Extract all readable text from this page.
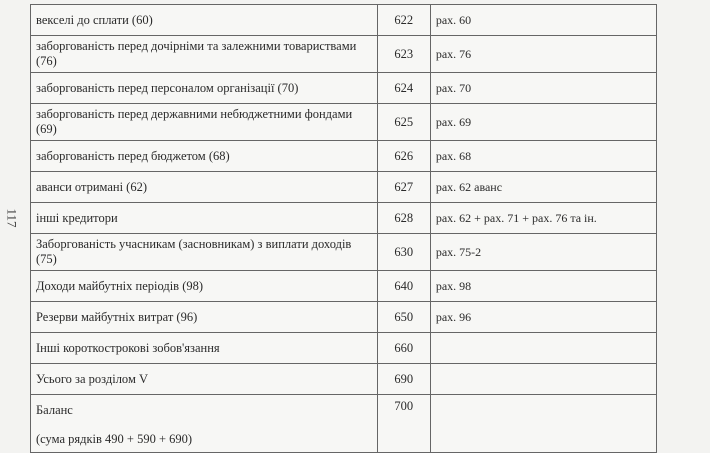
117
векселі до сплати (60)	622	рах. 60
заборгованість перед дочірніми та залежними товариствами (76)	623	рах. 76
заборгованість перед персоналом організації (70)	624	рах. 70
заборгованість перед державними небюджетними фондами (69)	625	рах. 69
заборгованість перед бюджетом (68)	626	рах. 68
аванси отримані (62)	627	рах. 62 аванс
інші кредитори	628	рах. 62 + рах. 71 + рах. 76 та ін.
Заборгованість учасникам (засновникам) з виплати доходів (75)	630	рах. 75-2
Доходи майбутніх періодів (98)	640	рах. 98
Резерви майбутніх витрат (96)	650	рах. 96
Інші короткострокові зобов'язання	660	
Усього за розділом V	690	
Баланс
(сума рядків 490 + 590 + 690)	700	
